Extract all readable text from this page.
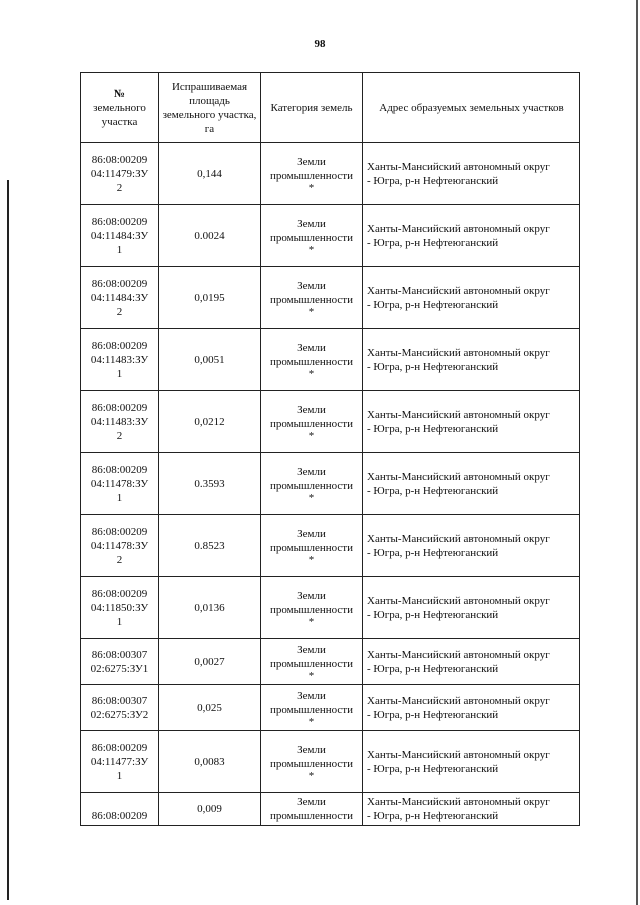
98
№
земельного участка	Испрашиваемая площадь земельного участка, га	Категория земель	Адрес образуемых земельных участков

86:08:00209
04:11479:ЗУ
2	0,144	Земли
промышленности
*	Ханты-Мансийский автономный округ
- Югра, р-н Нефтеюганский

86:08:00209
04:11484:ЗУ
1	0.0024	Земли
промышленности
*	Ханты-Мансийский автономный округ
- Югра, р-н Нефтеюганский

86:08:00209
04:11484:ЗУ
2	0,0195	Земли
промышленности
*	Ханты-Мансийский автономный округ
- Югра, р-н Нефтеюганский

86:08:00209
04:11483:ЗУ
1	0,0051	Земли
промышленности
*	Ханты-Мансийский автономный округ
- Югра, р-н Нефтеюганский

86:08:00209
04:11483:ЗУ
2	0,0212	Земли
промышленности
*	Ханты-Мансийский автономный округ
- Югра, р-н Нефтеюганский

86:08:00209
04:11478:ЗУ
1	0.3593	Земли
промышленности
*	Ханты-Мансийский автономный округ
- Югра, р-н Нефтеюганский

86:08:00209
04:11478:ЗУ
2	0.8523	Земли
промышленности
*	Ханты-Мансийский автономный округ
- Югра, р-н Нефтеюганский

86:08:00209
04:11850:ЗУ
1	0,0136	Земли
промышленности
*	Ханты-Мансийский автономный округ
- Югра, р-н Нефтеюганский

86:08:00307
02:6275:ЗУ1	0,0027	Земли
промышленности
*	Ханты-Мансийский автономный округ
- Югра, р-н Нефтеюганский

86:08:00307
02:6275:ЗУ2	0,025	Земли
промышленности
*	Ханты-Мансийский автономный округ
- Югра, р-н Нефтеюганский

86:08:00209
04:11477:ЗУ
1	0,0083	Земли
промышленности
*	Ханты-Мансийский автономный округ
- Югра, р-н Нефтеюганский

86:08:00209	0,009	Земли
промышленности	Ханты-Мансийский автономный округ
- Югра, р-н Нефтеюганский
